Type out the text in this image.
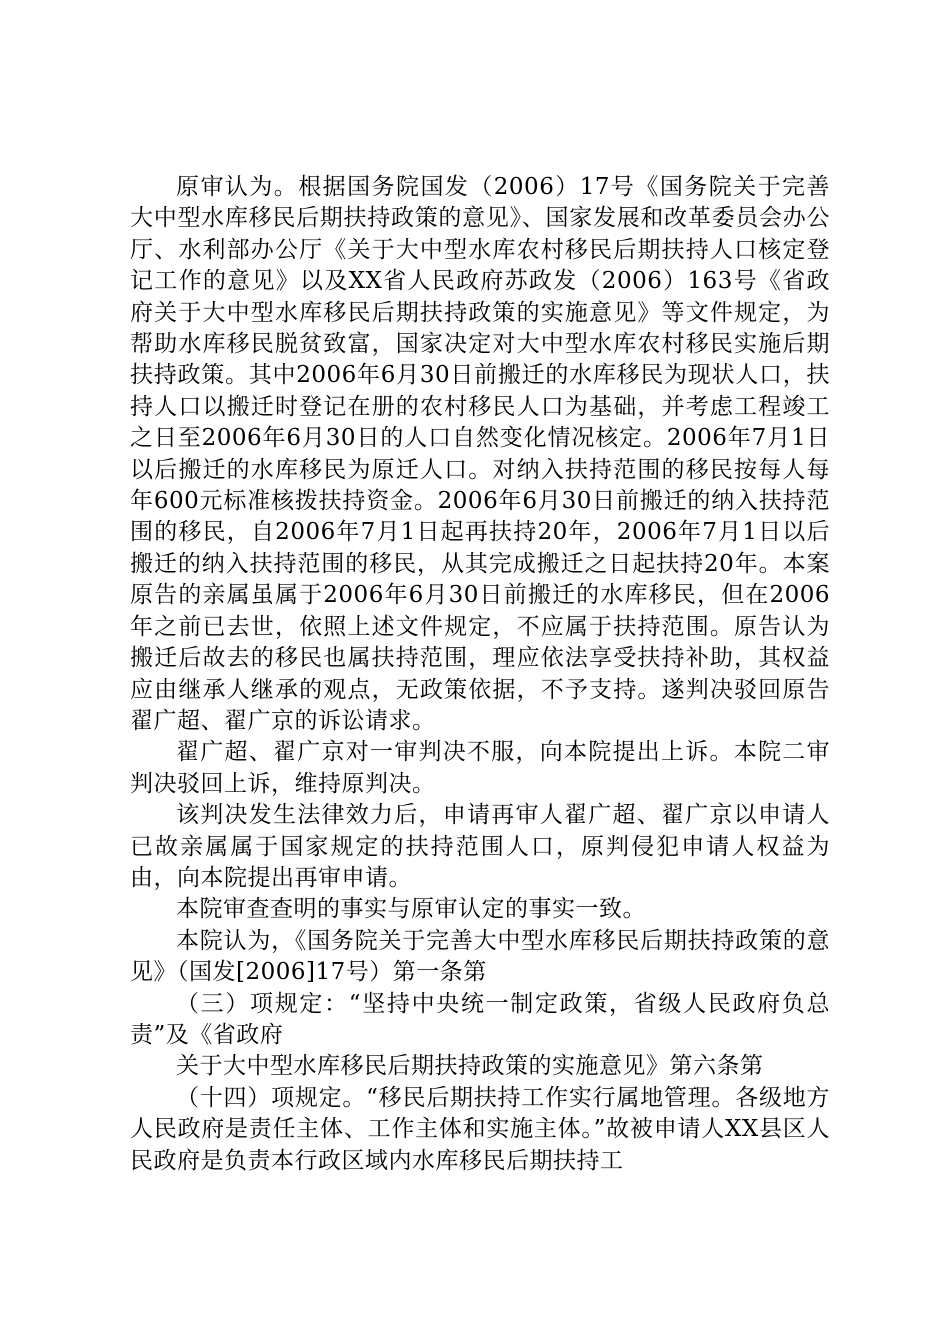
原审认为。根据国务院国发（2006）17号《国务院关于完善大中型水库移民后期扶持政策的意见》、国家发展和改革委员会办公厅、水利部办公厅《关于大中型水库农村移民后期扶持人口核定登记工作的意见》以及XX省人民政府苏政发（2006）163号《省政府关于大中型水库移民后期扶持政策的实施意见》等文件规定，为帮助水库移民脱贫致富，国家决定对大中型水库农村移民实施后期扶持政策。其中2006年6月30日前搬迁的水库移民为现状人口，扶持人口以搬迁时登记在册的农村移民人口为基础，并考虑工程竣工之日至2006年6月30日的人口自然变化情况核定。2006年7月1日以后搬迁的水库移民为原迁人口。对纳入扶持范围的移民按每人每年600元标准核拨扶持资金。2006年6月30日前搬迁的纳入扶持范围的移民，自2006年7月1日起再扶持20年，2006年7月1日以后搬迁的纳入扶持范围的移民，从其完成搬迁之日起扶持20年。本案原告的亲属虽属于2006年6月30日前搬迁的水库移民，但在2006年之前已去世，依照上述文件规定，不应属于扶持范围。原告认为搬迁后故去的移民也属扶持范围，理应依法享受扶持补助，其权益应由继承人继承的观点，无政策依据，不予支持。遂判决驳回原告翟广超、翟广京的诉讼请求。

翟广超、翟广京对一审判决不服，向本院提出上诉。本院二审判决驳回上诉，维持原判决。

该判决发生法律效力后，申请再审人翟广超、翟广京以申请人已故亲属属于国家规定的扶持范围人口，原判侵犯申请人权益为由，向本院提出再审申请。

本院审查查明的事实与原审认定的事实一致。

本院认为，《国务院关于完善大中型水库移民后期扶持政策的意见》（国发[2006]17号）第一条第

（三）项规定：“坚持中央统一制定政策，省级人民政府负总责”及《省政府

关于大中型水库移民后期扶持政策的实施意见》第六条第

（十四）项规定。“移民后期扶持工作实行属地管理。各级地方人民政府是责任主体、工作主体和实施主体。”故被申请人XX县区人民政府是负责本行政区域内水库移民后期扶持工
